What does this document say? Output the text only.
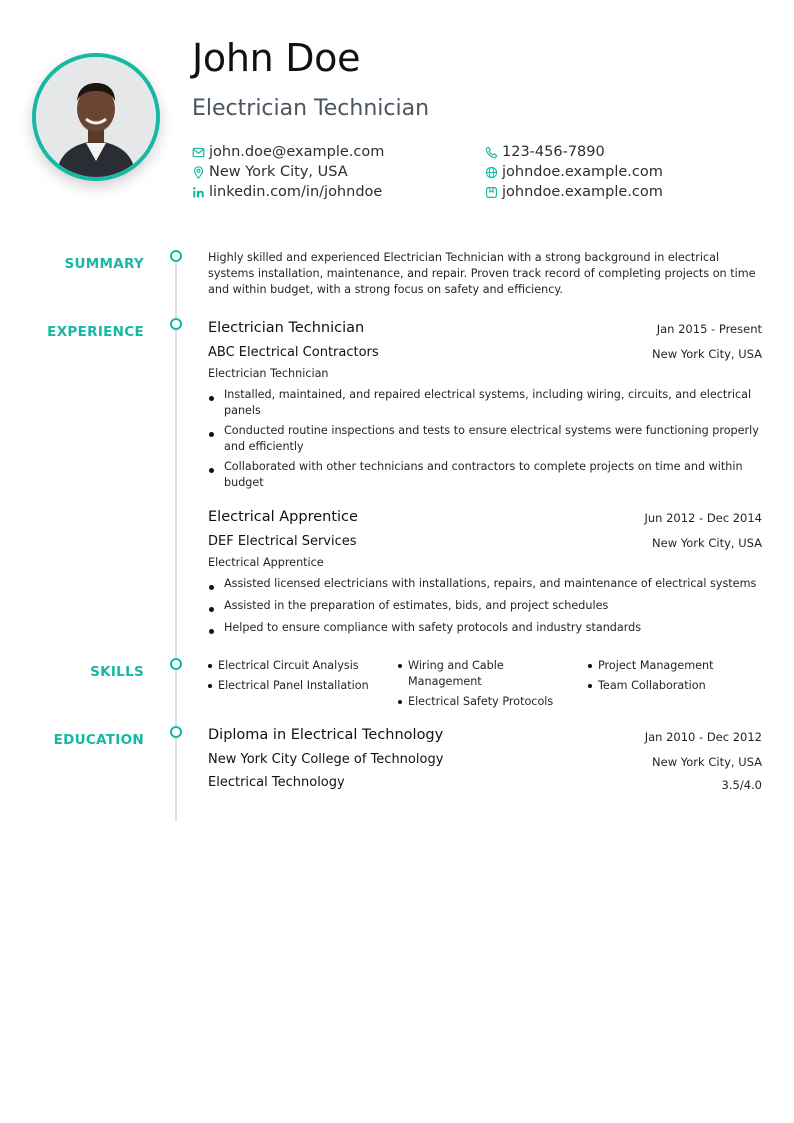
John Doe
Electrician Technician
john.doe@example.com	123-456-7890
New York City, USA	johndoe.example.com
linkedin.com/in/johndoe	johndoe.example.com
SUMMARY	Highly skilled and experienced Electrician Technician with a strong background in electrical systems installation, maintenance, and repair. Proven track record of completing projects on time and within budget, with a strong focus on safety and efficiency.
EXPERIENCE	Electrician Technician	Jan 2015 - Present
ABC Electrical Contractors	New York City, USA
Electrician Technician
Installed, maintained, and repaired electrical systems, including wiring, circuits, and electrical panels
Conducted routine inspections and tests to ensure electrical systems were functioning properly and efficiently
Collaborated with other technicians and contractors to complete projects on time and within budget
Electrical Apprentice	Jun 2012 - Dec 2014
DEF Electrical Services	New York City, USA
Electrical Apprentice
Assisted licensed electricians with installations, repairs, and maintenance of electrical systems
Assisted in the preparation of estimates, bids, and project schedules
Helped to ensure compliance with safety protocols and industry standards
SKILLS	Electrical Circuit Analysis
Electrical Panel Installation
Wiring and Cable Management
Electrical Safety Protocols
Project Management
Team Collaboration
EDUCATION	Diploma in Electrical Technology	Jan 2010 - Dec 2012
New York City College of Technology	New York City, USA
Electrical Technology	3.5/4.0
